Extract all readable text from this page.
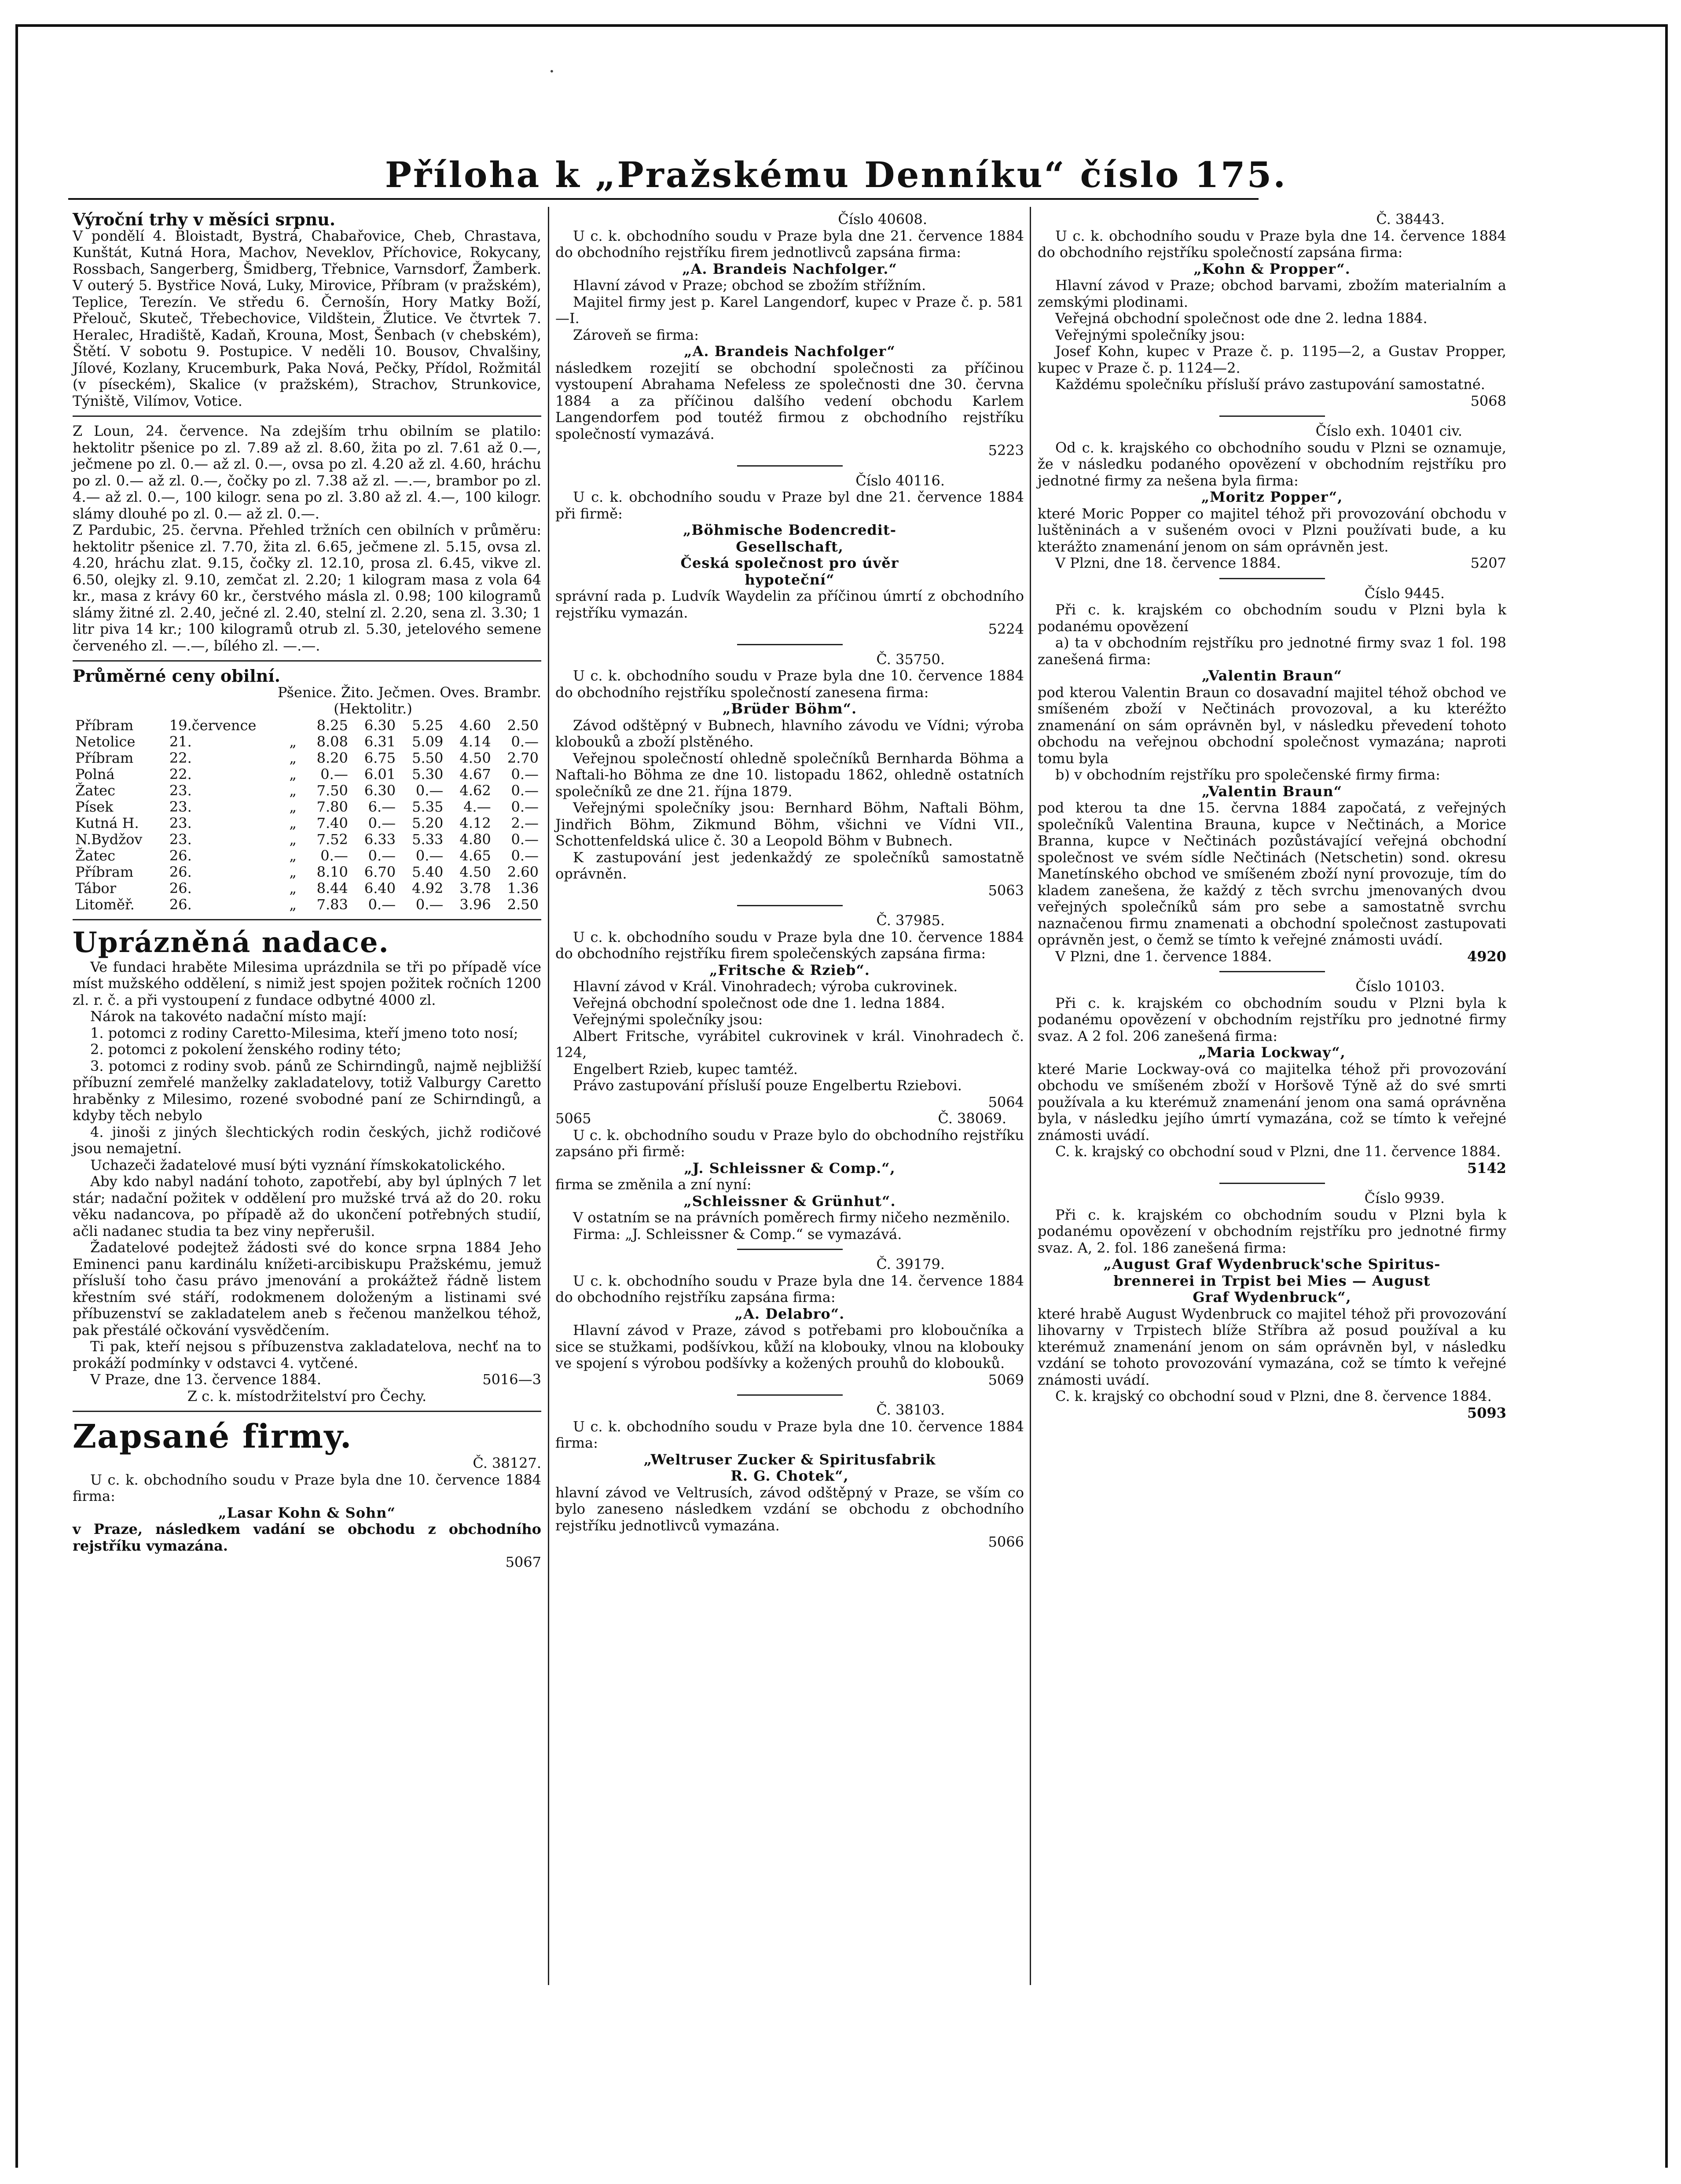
•
Příloha k „Pražskému Denníku“ číslo 175.

Výroční trhy v měsíci srpnu.

V pondělí 4. Bloistadt, Bystrá, Chabařovice, Cheb, Chrastava, Kunštát, Kutná Hora, Machov, Neveklov, Příchovice, Rokycany, Rossbach, Sangerberg, Šmidberg, Třebnice, Varnsdorf, Žamberk. V outerý 5. Bystřice Nová, Luky, Mirovice, Příbram (v pražském), Teplice, Terezín. Ve středu 6. Černošín, Hory Matky Boží, Přelouč, Skuteč, Třebechovice, Vildštein, Žlutice. Ve čtvrtek 7. Heralec, Hradiště, Kadaň, Krouna, Most, Šenbach (v chebském), Štětí. V sobotu 9. Postupice. V neděli 10. Bousov, Chvalšiny, Jílové, Kozlany, Krucemburk, Paka Nová, Pečky, Přídol, Rožmitál (v píseckém), Skalice (v pražském), Strachov, Strunkovice, Týniště, Vilímov, Votice.

Z Loun, 24. července. Na zdejším trhu obilním se platilo: hektolitr pšenice po zl. 7.89 až zl. 8.60, žita po zl. 7.61 až 0.—, ječmene po zl. 0.— až zl. 0.—, ovsa po zl. 4.20 až zl. 4.60, hráchu po zl. 0.— až zl. 0.—, čočky po zl. 7.38 až zl. —.—, brambor po zl. 4.— až zl. 0.—, 100 kilogr. sena po zl. 3.80 až zl. 4.—, 100 kilogr. slámy dlouhé po zl. 0.— až zl. 0.—.

Z Pardubic, 25. června. Přehled tržních cen obilních v průměru: hektolitr pšenice zl. 7.70, žita zl. 6.65, ječmene zl. 5.15, ovsa zl. 4.20, hráchu zlat. 9.15, čočky zl. 12.10, prosa zl. 6.45, vikve zl. 6.50, olejky zl. 9.10, zemčat zl. 2.20; 1 kilogram masa z vola 64 kr., masa z krávy 60 kr., čerstvého másla zl. 0.98; 100 kilogramů slámy žitné zl. 2.40, ječné zl. 2.40, stelní zl. 2.20, sena zl. 3.30; 1 litr piva 14 kr.; 100 kilogramů otrub zl. 5.30, jetelového semene červeného zl. —.—, bílého zl. —.—.

Průměrné ceny obilní.

Pšenice. Žito. Ječmen. Oves. Brambr.

(Hektolitr.)

Příbram	19.července		8.25	6.30	5.25	4.60	2.50
Netolice	21.	„	8.08	6.31	5.09	4.14	0.—
Příbram	22.	„	8.20	6.75	5.50	4.50	2.70
Polná	22.	„	0.—	6.01	5.30	4.67	0.—
Žatec	23.	„	7.50	6.30	0.—	4.62	0.—
Písek	23.	„	7.80	6.—	5.35	4.—	0.—
Kutná H.	23.	„	7.40	0.—	5.20	4.12	2.—
N.Bydžov	23.	„	7.52	6.33	5.33	4.80	0.—
Žatec	26.	„	0.—	0.—	0.—	4.65	0.—
Příbram	26.	„	8.10	6.70	5.40	4.50	2.60
Tábor	26.	„	8.44	6.40	4.92	3.78	1.36
Litoměř.	26.	„	7.83	0.—	0.—	3.96	2.50

Uprázněná nadace.

Ve fundaci hraběte Milesima uprázdnila se tři po případě více míst mužského oddělení, s nimiž jest spojen požitek ročních 1200 zl. r. č. a při vystoupení z fundace odbytné 4000 zl.

Nárok na takovéto nadační místo mají:

1. potomci z rodiny Caretto-Milesima, kteří jmeno toto nosí;

2. potomci z pokolení ženského rodiny této;

3. potomci z rodiny svob. pánů ze Schirndingů, najmě nejbližší příbuzní zemřelé manželky zakladatelovy, totiž Valburgy Caretto hraběnky z Milesimo, rozené svobodné paní ze Schirndingů, a kdyby těch nebylo

4. jinoši z jiných šlechtických rodin českých, jichž rodičové jsou nemajetní.

Uchazeči žadatelové musí býti vyznání římskokatolického.

Aby kdo nabyl nadání tohoto, zapotřebí, aby byl úplných 7 let stár; nadační požitek v oddělení pro mužské trvá až do 20. roku věku nadancova, po případě až do ukončení potřebných studií, ačli nadanec studia ta bez viny nepřerušil.

Žadatelové podejtež žádosti své do konce srpna 1884 Jeho Eminenci panu kardinálu knížeti-arcibiskupu Pražskému, jemuž přísluší toho času právo jmenování a prokážtež řádně listem křestním své stáří, rodokmenem doloženým a listinami své příbuzenství se zakladatelem aneb s řečenou manželkou téhož, pak přestálé očkování vysvědčením.

Ti pak, kteří nejsou s příbuzenstva zakladatelova, nechť na to prokáží podmínky v odstavci 4. vytčené.

V Praze, dne 13. července 1884.	5016—3

Z c. k. místodržitelství pro Čechy.

Zapsané firmy.

Č. 38127.

U c. k. obchodního soudu v Praze byla dne 10. července 1884 firma:

„Lasar Kohn & Sohn“

v Praze, následkem vadání se obchodu z obchodního rejstříku vymazána.

5067

Číslo 40608.

U c. k. obchodního soudu v Praze byla dne 21. července 1884 do obchodního rejstříku firem jednotlivců zapsána firma:

„A. Brandeis Nachfolger.“

Hlavní závod v Praze; obchod se zbožím střížním.

Majitel firmy jest p. Karel Langendorf, kupec v Praze č. p. 581—I.

Zároveň se firma:

„A. Brandeis Nachfolger“

následkem rozejití se obchodní společnosti za příčinou vystoupení Abrahama Nefeless ze společnosti dne 30. června 1884 a za příčinou dalšího vedení obchodu Karlem Langendorfem pod toutéž firmou z obchodního rejstříku společností vymazává.

5223

Číslo 40116.

U c. k. obchodního soudu v Praze byl dne 21. července 1884 při firmě:

„Böhmische Bodencredit-

Gesellschaft,

Česká společnost pro úvěr

hypoteční“

správní rada p. Ludvík Waydelin za příčinou úmrtí z obchodního rejstříku vymazán.

5224

Č. 35750.

U c. k. obchodního soudu v Praze byla dne 10. července 1884 do obchodního rejstříku společností zanesena firma:

„Brüder Böhm“.

Závod odštěpný v Bubnech, hlavního závodu ve Vídni; výroba klobouků a zboží plstěného.

Veřejnou společností ohledně společníků Bernharda Böhma a Naftali-ho Böhma ze dne 10. listopadu 1862, ohledně ostatních společníků ze dne 21. října 1879.

Veřejnými společníky jsou: Bernhard Böhm, Naftali Böhm, Jindřich Böhm, Zikmund Böhm, všichni ve Vídni VII., Schottenfeldská ulice č. 30 a Leopold Böhm v Bubnech.

K zastupování jest jedenkaždý ze společníků samostatně oprávněn.

5063

Č. 37985.

U c. k. obchodního soudu v Praze byla dne 10. července 1884 do obchodního rejstříku firem společenských zapsána firma:

„Fritsche & Rzieb“.

Hlavní závod v Král. Vinohradech; výroba cukrovinek.

Veřejná obchodní společnost ode dne 1. ledna 1884.

Veřejnými společníky jsou:

Albert Fritsche, vyrábitel cukrovinek v král. Vinohradech č. 124,

Engelbert Rzieb, kupec tamtéž.

Právo zastupování přísluší pouze Engelbertu Rziebovi.

5064

5065	Č. 38069.

U c. k. obchodního soudu v Praze bylo do obchodního rejstříku zapsáno při firmě:

„J. Schleissner & Comp.“,

firma se změnila a zní nyní:

„Schleissner & Grünhut“.

V ostatním se na právních poměrech firmy ničeho nezměnilo.

Firma: „J. Schleissner & Comp.“ se vymazává.

Č. 39179.

U c. k. obchodního soudu v Praze byla dne 14. července 1884 do obchodního rejstříku zapsána firma:

„A. Delabro“.

Hlavní závod v Praze, závod s potřebami pro kloboučníka a sice se stužkami, podšívkou, kůží na klobouky, vlnou na klobouky ve spojení s výrobou podšívky a kožených prouhů do klobouků.

5069

Č. 38103.

U c. k. obchodního soudu v Praze byla dne 10. července 1884 firma:

„Weltruser Zucker & Spiritusfabrik

R. G. Chotek“,

hlavní závod ve Veltrusích, závod odštěpný v Praze, se vším co bylo zaneseno následkem vzdání se obchodu z obchodního rejstříku jednotlivců vymazána.

5066

Č. 38443.

U c. k. obchodního soudu v Praze byla dne 14. července 1884 do obchodního rejstříku společností zapsána firma:

„Kohn & Propper“.

Hlavní závod v Praze; obchod barvami, zbožím materialním a zemskými plodinami.

Veřejná obchodní společnost ode dne 2. ledna 1884.

Veřejnými společníky jsou:

Josef Kohn, kupec v Praze č. p. 1195—2, a Gustav Propper, kupec v Praze č. p. 1124—2.

Každému společníku přísluší právo zastupování samostatné.

5068

Číslo exh. 10401 civ.

Od c. k. krajského co obchodního soudu v Plzni se oznamuje, že v následku podaného opovězení v obchodním rejstříku pro jednotné firmy za nešena byla firma:

„Moritz Popper“,

které Moric Popper co majitel téhož při provozování obchodu v luštěninách a v sušeném ovoci v Plzni používati bude, a ku kterážto znamenání jenom on sám oprávněn jest.

V Plzni, dne 18. července 1884.	5207

Číslo 9445.

Při c. k. krajském co obchodním soudu v Plzni byla k podanému opovězení

a) ta v obchodním rejstříku pro jednotné firmy svaz 1 fol. 198 zanešená firma:

„Valentin Braun“

pod kterou Valentin Braun co dosavadní majitel téhož obchod ve smíšeném zboží v Nečtinách provozoval, a ku kteréžto znamenání on sám oprávněn byl, v následku převedení tohoto obchodu na veřejnou obchodní společnost vymazána; naproti tomu byla

b) v obchodním rejstříku pro společenské firmy firma:

„Valentin Braun“

pod kterou ta dne 15. června 1884 započatá, z veřejných společníků Valentina Brauna, kupce v Nečtinách, a Morice Branna, kupce v Nečtinách pozůstávající veřejná obchodní společnost ve svém sídle Nečtinách (Netschetin) sond. okresu Manetínského obchod ve smíšeném zboží nyní provozuje, tím do kladem zanešena, že každý z těch svrchu jmenovaných dvou veřejných společníků sám pro sebe a samostatně svrchu naznačenou firmu znamenati a obchodní společnost zastupovati oprávněn jest, o čemž se tímto k veřejné známosti uvádí.

V Plzni, dne 1. července 1884.	4920

Číslo 10103.

Při c. k. krajském co obchodním soudu v Plzni byla k podanému opovězení v obchodním rejstříku pro jednotné firmy svaz. A 2 fol. 206 zanešená firma:

„Maria Lockway“,

které Marie Lockway-ová co majitelka téhož při provozování obchodu ve smíšeném zboží v Horšově Týně až do své smrti používala a ku kterémuž znamenání jenom ona samá oprávněna byla, v následku jejího úmrtí vymazána, což se tímto k veřejné známosti uvádí.

C. k. krajský co obchodní soud v Plzni, dne 11. července 1884.

5142

Číslo 9939.

Při c. k. krajském co obchodním soudu v Plzni byla k podanému opovězení v obchodním rejstříku pro jednotné firmy svaz. A, 2. fol. 186 zanešená firma:

„August Graf Wydenbruck'sche Spiritus-

brennerei in Trpist bei Mies — August

Graf Wydenbruck“,

které hrabě August Wydenbruck co majitel téhož při provozování lihovarny v Trpistech blíže Stříbra až posud používal a ku kterémuž znamenání jenom on sám oprávněn byl, v následku vzdání se tohoto provozování vymazána, což se tímto k veřejné známosti uvádí.

C. k. krajský co obchodní soud v Plzni, dne 8. července 1884.

5093
